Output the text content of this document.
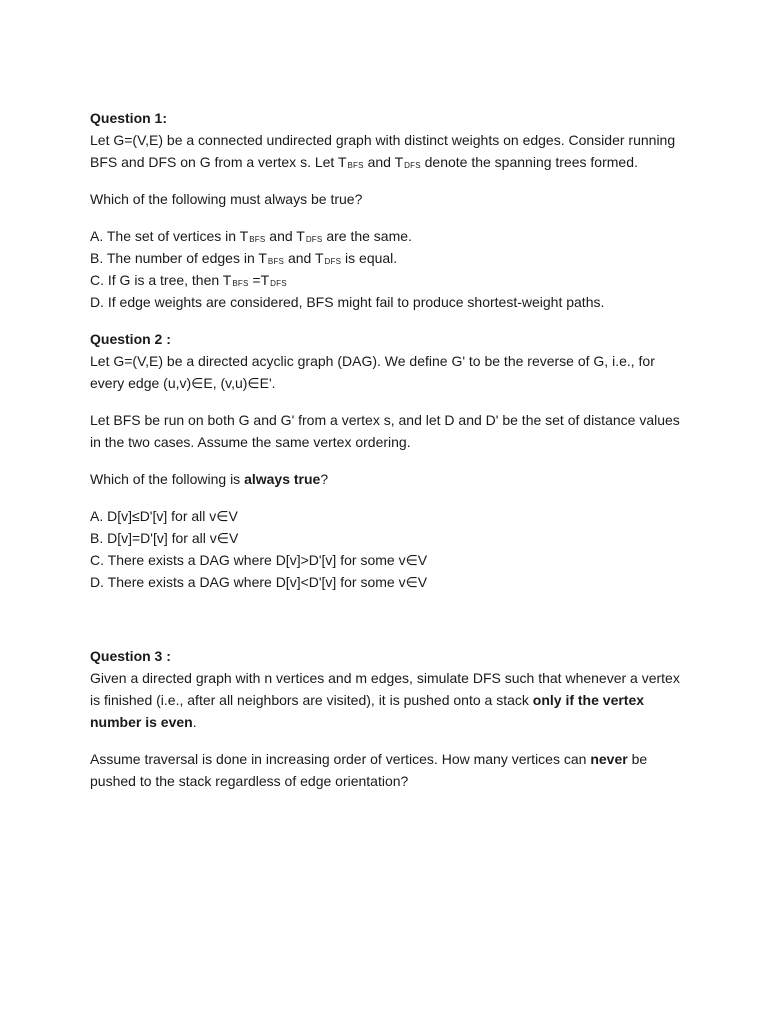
Question 1:

Let G=(V,E) be a connected undirected graph with distinct weights on edges. Consider running BFS and DFS on G from a vertex s. Let TBFS and TDFS denote the spanning trees formed.

Which of the following must always be true?

A. The set of vertices in TBFS and TDFS are the same.

B. The number of edges in TBFS and TDFS is equal.

C. If G is a tree, then TBFS =TDFS

D. If edge weights are considered, BFS might fail to produce shortest-weight paths.

Question 2 :

Let G=(V,E) be a directed acyclic graph (DAG). We define G' to be the reverse of G, i.e., for every edge (u,v)∈E, (v,u)∈E'.

Let BFS be run on both G and G' from a vertex s, and let D and D' be the set of distance values in the two cases. Assume the same vertex ordering.

Which of the following is always true?

A. D[v]≤D'[v] for all v∈V

B. D[v]=D'[v] for all v∈V

C. There exists a DAG where D[v]>D'[v] for some v∈V

D. There exists a DAG where D[v]<D'[v] for some v∈V

Question 3 :

Given a directed graph with n vertices and m edges, simulate DFS such that whenever a vertex is finished (i.e., after all neighbors are visited), it is pushed onto a stack only if the vertex number is even.

Assume traversal is done in increasing order of vertices. How many vertices can never be pushed to the stack regardless of edge orientation?
